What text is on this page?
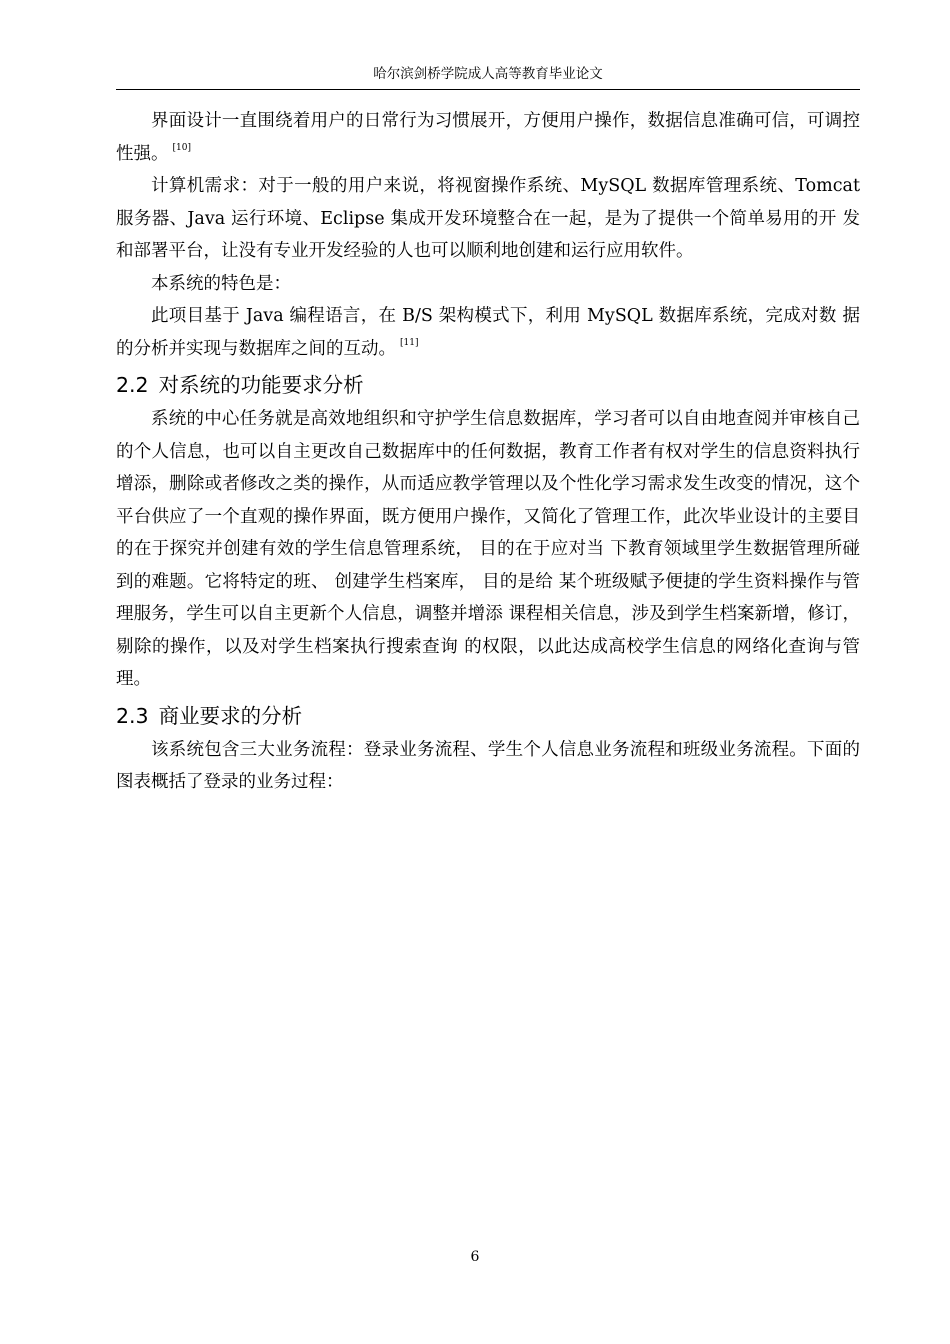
哈尔滨剑桥学院成人高等教育毕业论文

界面设计一直围绕着用户的日常行为习惯展开，方便用户操作，数据信息准确可信，可调控性强。 [10]

计算机需求：对于一般的用户来说，将视窗操作系统、MySQL 数据库管理系统、Tomcat 服务器、Java 运行环境、Eclipse 集成开发环境整合在一起，是为了提供一个简单易用的开 发和部署平台，让没有专业开发经验的人也可以顺利地创建和运行应用软件。

本系统的特色是：

此项目基于 Java 编程语言，在 B/S 架构模式下，利用 MySQL 数据库系统，完成对数 据的分析并实现与数据库之间的互动。 [11]

2.2 对系统的功能要求分析

系统的中心任务就是高效地组织和守护学生信息数据库，学习者可以自由地查阅并审核自己的个人信息，也可以自主更改自己数据库中的任何数据，教育工作者有权对学生的信息资料执行增添，删除或者修改之类的操作，从而适应教学管理以及个性化学习需求发生改变的情况，这个平台供应了一个直观的操作界面，既方便用户操作，又简化了管理工作，此次毕业设计的主要目的在于探究并创建有效的学生信息管理系统， 目的在于应对当 下教育领域里学生数据管理所碰到的难题。它将特定的班、 创建学生档案库， 目的是给 某个班级赋予便捷的学生资料操作与管理服务，学生可以自主更新个人信息，调整并增添 课程相关信息，涉及到学生档案新增，修订，剔除的操作，以及对学生档案执行搜索查询 的权限，以此达成高校学生信息的网络化查询与管理。

2.3 商业要求的分析

该系统包含三大业务流程：登录业务流程、学生个人信息业务流程和班级业务流程。下面的图表概括了登录的业务过程：

6
